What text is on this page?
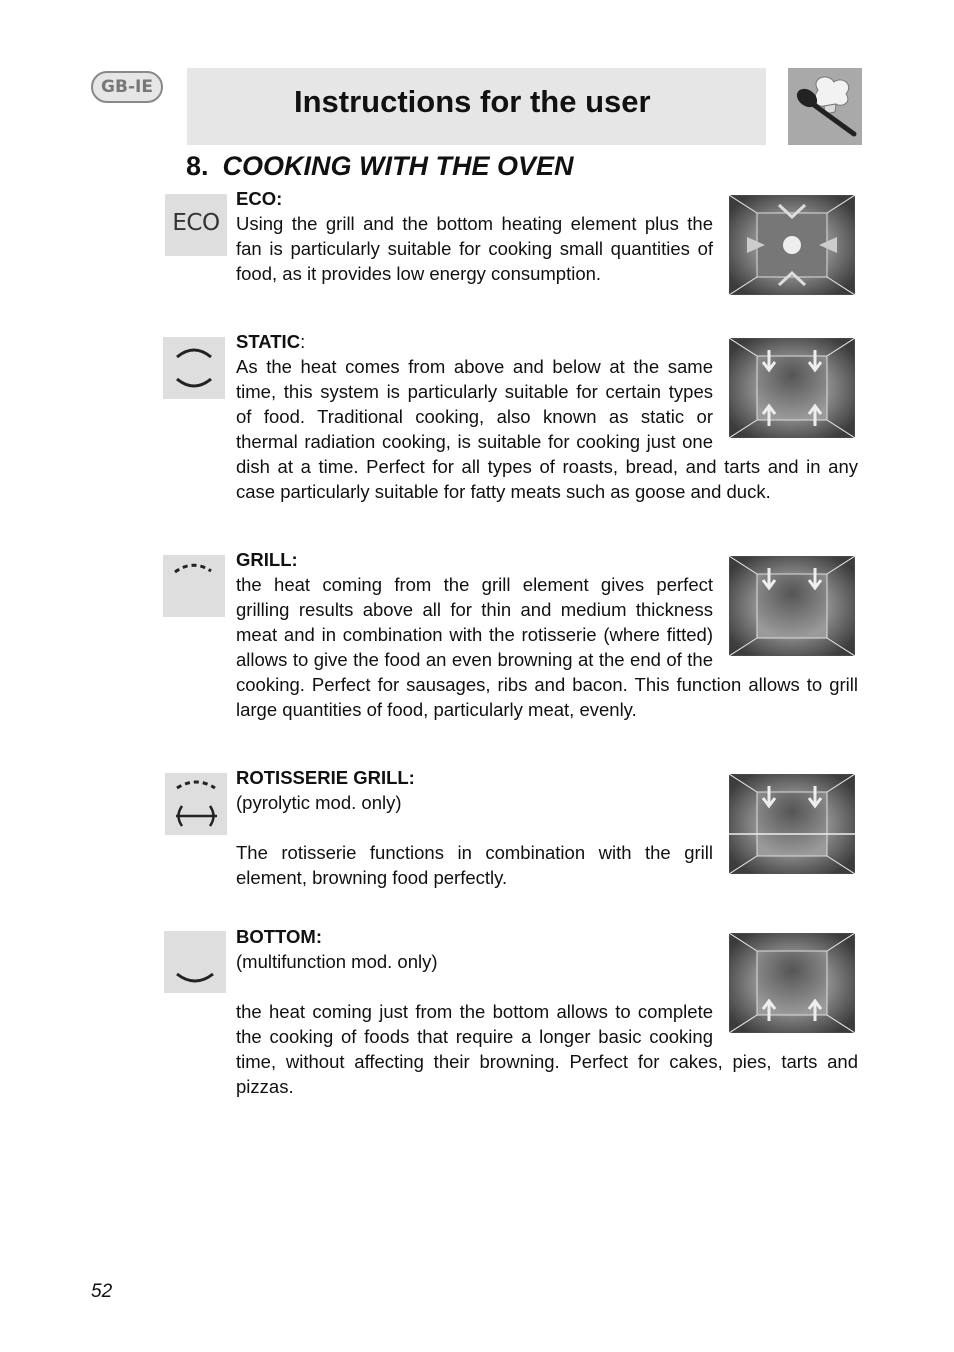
GB-IE	Instructions for the user
8. COOKING WITH THE OVEN
ECO
ECO:
Using the grill and the bottom heating element plus the fan is particularly suitable for cooking small quantities of food, as it provides low energy consumption.
STATIC:
As the heat comes from above and below at the same time, this system is particularly suitable for certain types of food. Traditional cooking, also known as static or thermal radiation cooking, is suitable for cooking just one dish at a time. Perfect for all types of roasts, bread, and tarts and in any case particularly suitable for fatty meats such as goose and duck.
GRILL:
the heat coming from the grill element gives perfect grilling results above all for thin and medium thickness meat and in combination with the rotisserie (where fitted) allows to give the food an even browning at the end of the cooking. Perfect for sausages, ribs and bacon. This function allows to grill large quantities of food, particularly meat, evenly.
ROTISSERIE GRILL:
(pyrolytic mod. only)
The rotisserie functions in combination with the grill element, browning food perfectly.
BOTTOM:
(multifunction mod. only)
the heat coming just from the bottom allows to complete the cooking of foods that require a longer basic cooking time, without affecting their browning. Perfect for cakes, pies, tarts and pizzas.
52
